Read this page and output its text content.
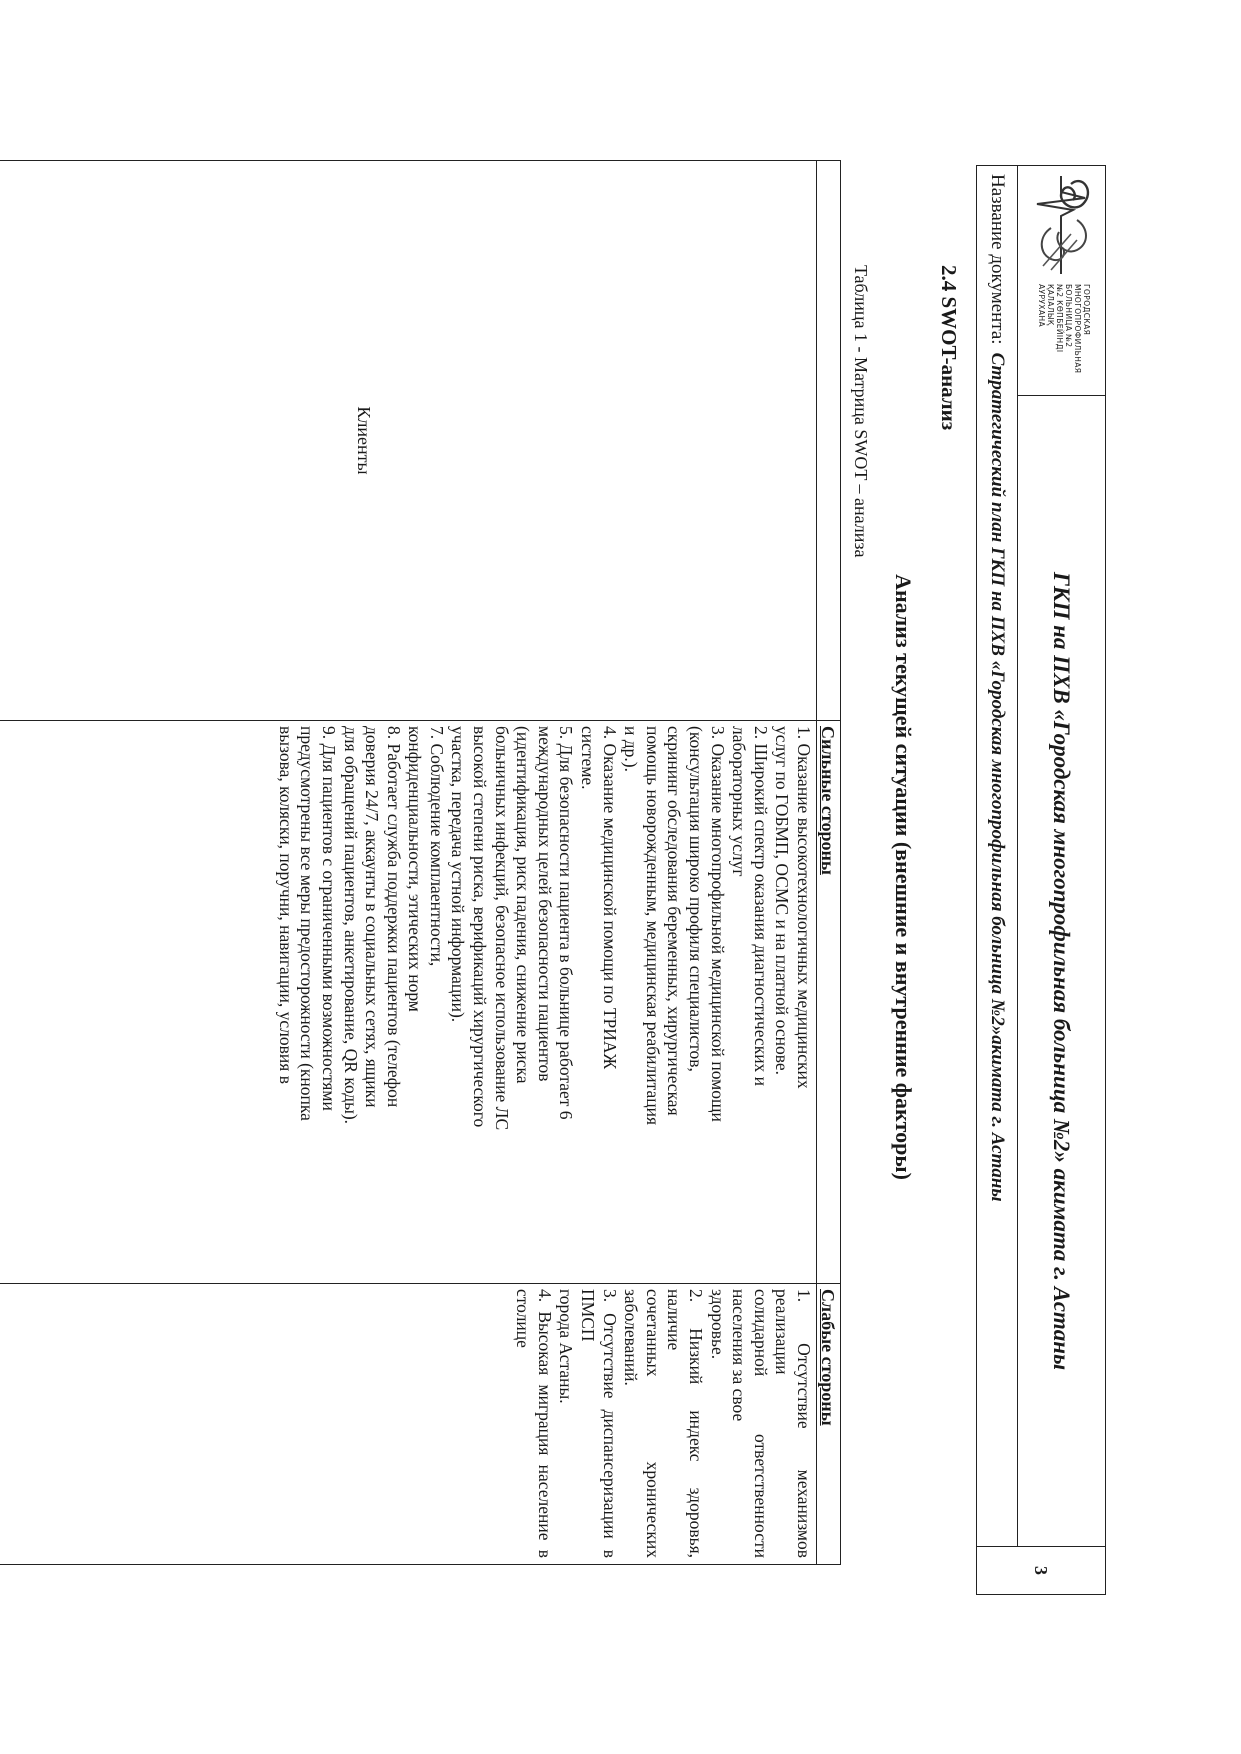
ГОРОДСКАЯ
МНОГОПРОФИЛЬНАЯ
БОЛЬНИЦА №2
№2 КӨПБЕЙІНДІ
ҚАЛАЛЫҚ
АУРУХАНА
ГКП на ПХВ «Городская многопрофильная больница №2» акимата г. Астаны
3
Название документа:
Стратегический план ГКП на ПХВ «Городская многопрофильная больница №2»акимата г. Астаны
2.4 SWOT-анализ
Анализ текущей ситуации (внешние и внутренние факторы)
Таблица 1 - Матрица SWOT – анализа
Клиенты
Сильные стороны
1. Оказание высокотехнологичных медицинских
услуг по ГОБМП, ОСМС и на платной основе.
2. Широкий спектр оказания диагностических и
лабораторных услуг
3. Оказание многопрофильной медицинской помощи
(консультация широко профиля специалистов,
скрининг обследования беременных, хирургическая
помощь новорожденным, медицинская реабилитация
и др.).
4. Оказание медицинской помощи по ТРИАЖ
системе.
5. Для безопасности пациента в больнице работает 6
международных целей безопасности пациентов
(идентификация, риск падения, снижение риска
больничных инфекций, безопасное использование ЛС
высокой степени риска, верификаций хирургического
участка, передача устной информации).
7. Соблюдение комплаентности,
конфиденциальности, этических норм
8. Работает служба поддержки пациентов (телефон
доверия 24/7, аккаунты в социальных сетях, ящики
для обращений пациентов, анкетирование, QR коды).
9. Для пациентов с ограниченными возможностями
предусмотрены все меры предосторожности (кнопка
вызова, коляски, поручни, навигации, условия в
Слабые стороны
1. Отсутствие механизмов реализации
солидарной ответственности населения за свое
здоровье.
2. Низкий индекс здоровья, наличие
сочетанных хронических заболеваний.
3. Отсутствие диспансеризации в ПМСП
города Астаны.
4. Высокая миграция население в столице
